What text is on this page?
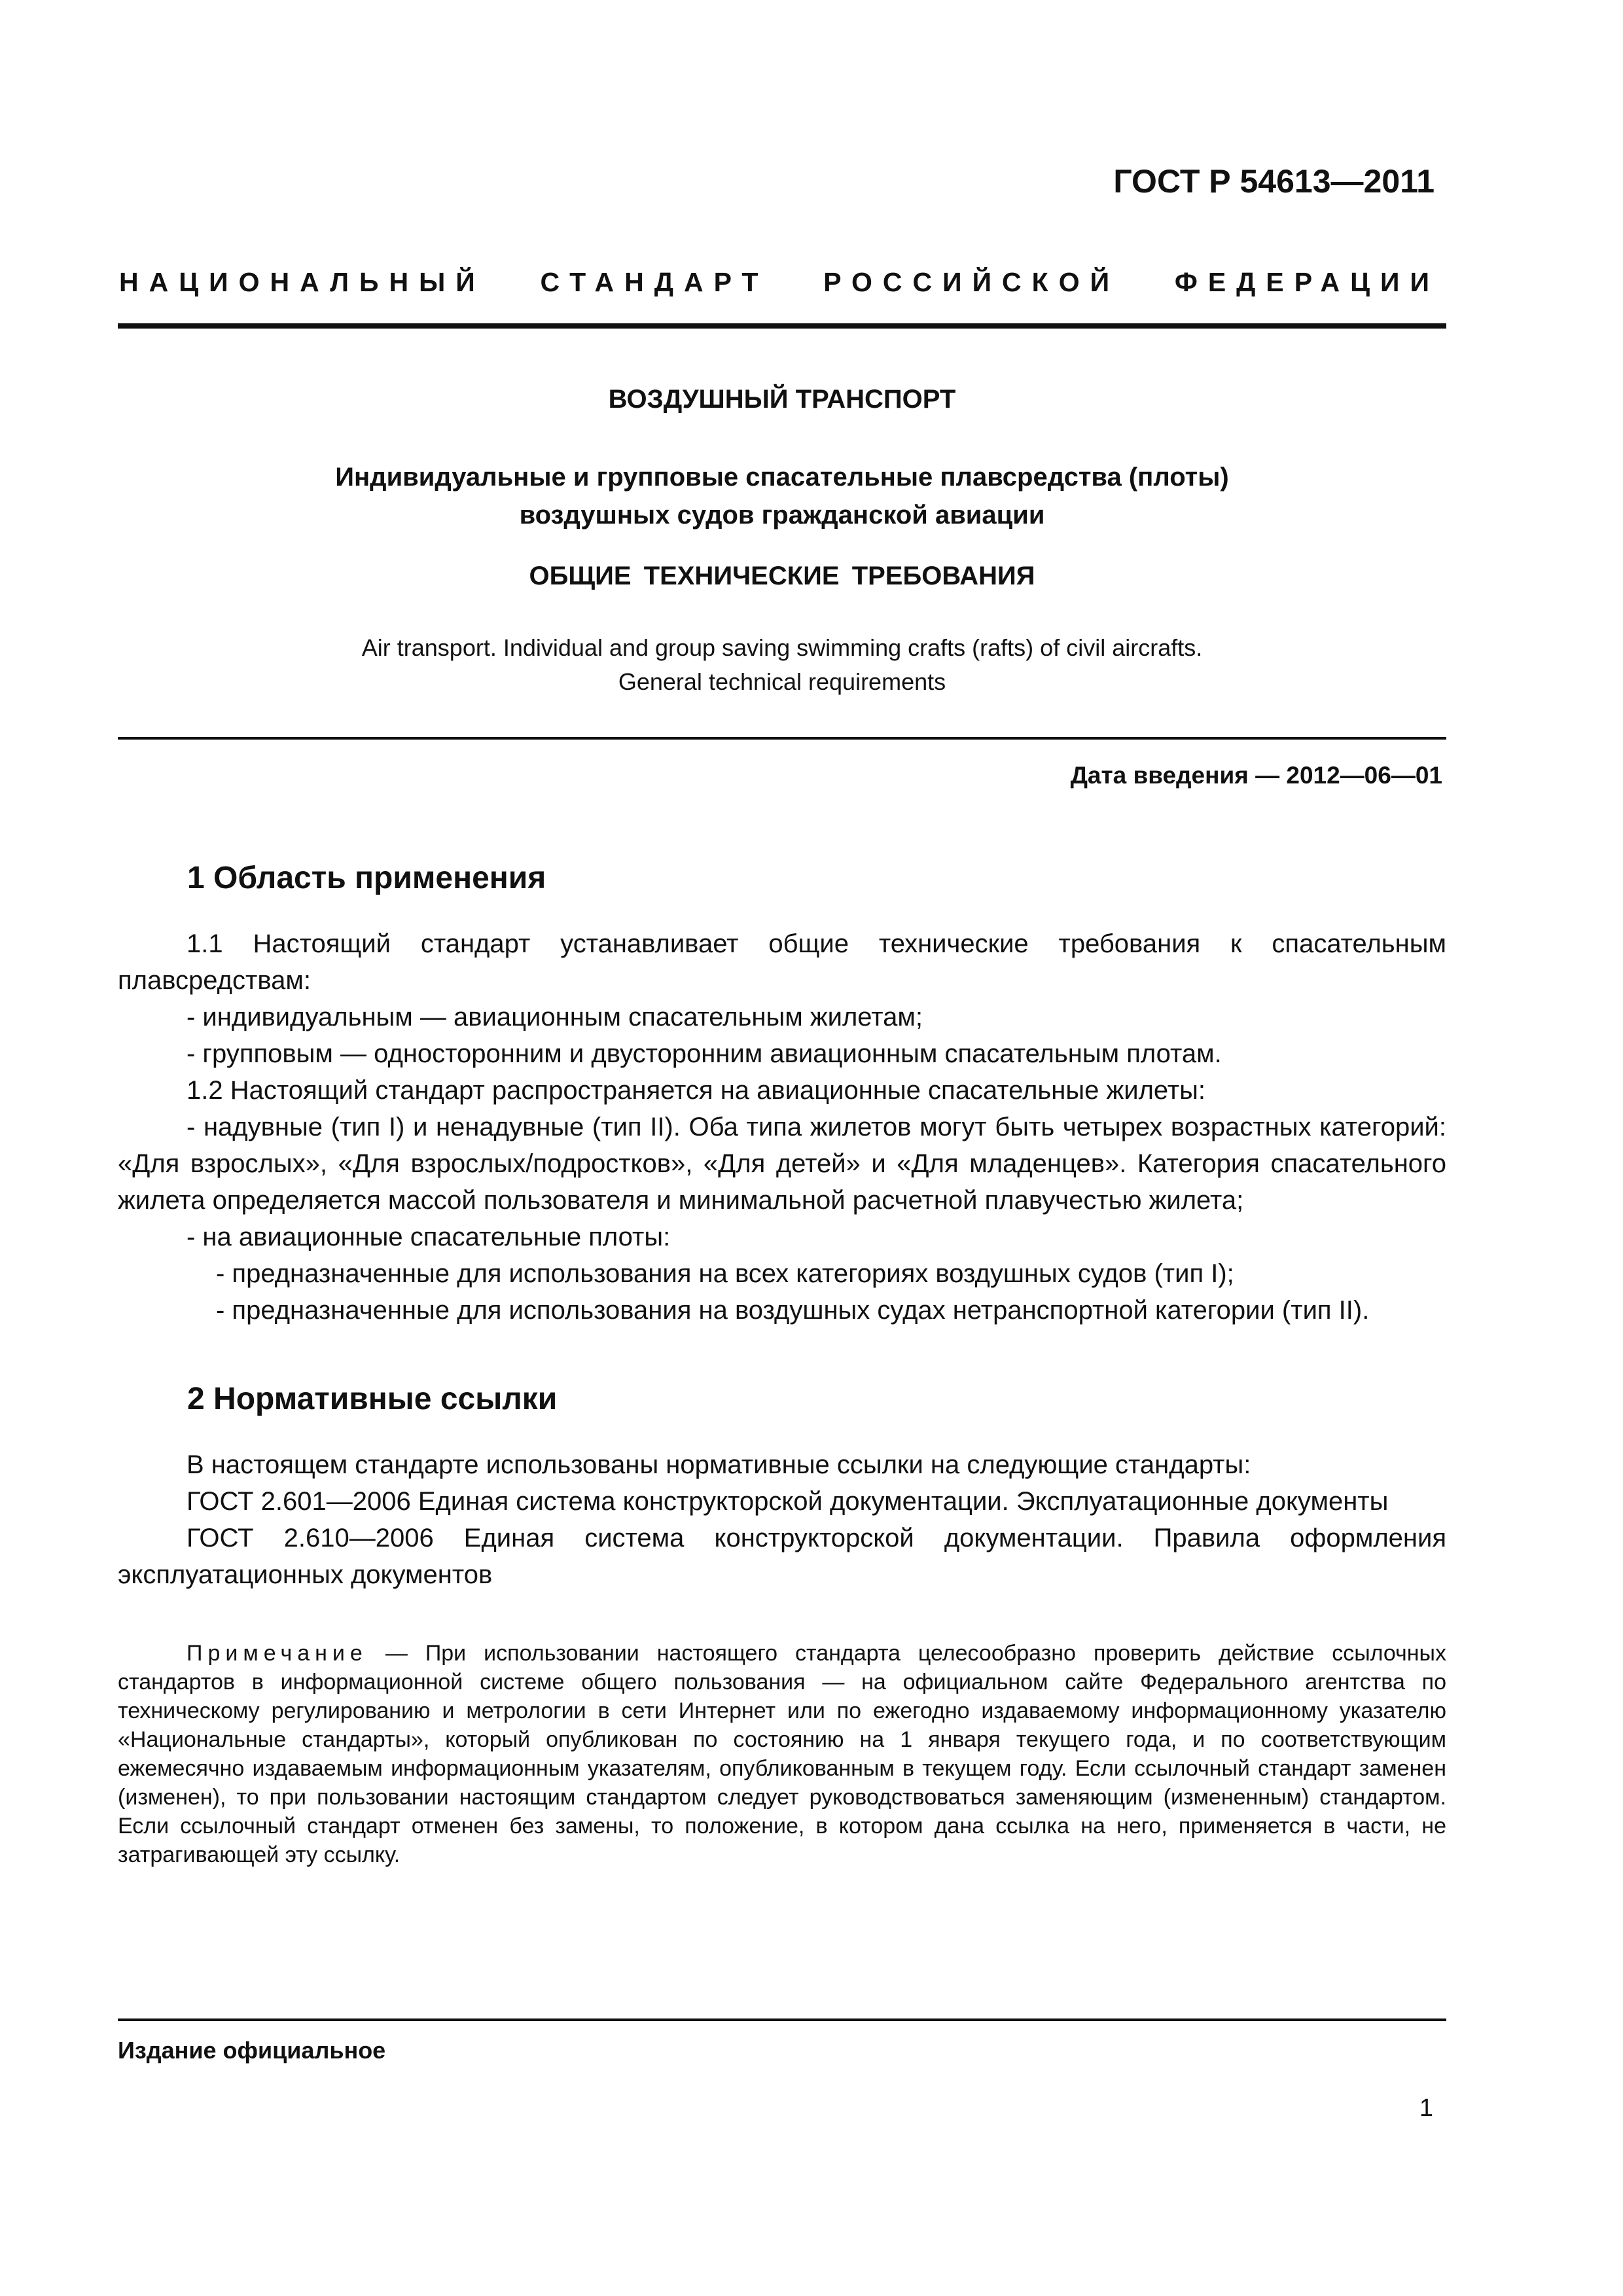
ГОСТ Р 54613—2011
НАЦИОНАЛЬНЫЙ СТАНДАРТ РОССИЙСКОЙ ФЕДЕРАЦИИ
ВОЗДУШНЫЙ ТРАНСПОРТ
Индивидуальные и групповые спасательные плавсредства (плоты)
воздушных судов гражданской авиации
ОБЩИЕ ТЕХНИЧЕСКИЕ ТРЕБОВАНИЯ
Air transport. Individual and group saving swimming crafts (rafts) of civil aircrafts.
General technical requirements
Дата введения — 2012—06—01
1 Область применения

1.1 Настоящий стандарт устанавливает общие технические требования к спасательным плавсредствам:

- индивидуальным — авиационным спасательным жилетам;

- групповым — односторонним и двусторонним авиационным спасательным плотам.

1.2 Настоящий стандарт распространяется на авиационные спасательные жилеты:

- надувные (тип I) и ненадувные (тип II). Оба типа жилетов могут быть четырех возрастных категорий: «Для взрослых», «Для взрослых/подростков», «Для детей» и «Для младенцев». Категория спасательного жилета определяется массой пользователя и минимальной расчетной плавучестью жилета;

- на авиационные спасательные плоты:

- предназначенные для использования на всех категориях воздушных судов (тип I);

- предназначенные для использования на воздушных судах нетранспортной категории (тип II).

2 Нормативные ссылки

В настоящем стандарте использованы нормативные ссылки на следующие стандарты:

ГОСТ 2.601—2006 Единая система конструкторской документации. Эксплуатационные документы

ГОСТ 2.610—2006 Единая система конструкторской документации. Правила оформления эксплуатационных документов

Примечание — При использовании настоящего стандарта целесообразно проверить действие ссылочных стандартов в информационной системе общего пользования — на официальном сайте Федерального агентства по техническому регулированию и метрологии в сети Интернет или по ежегодно издаваемому информационному указателю «Национальные стандарты», который опубликован по состоянию на 1 января текущего года, и по соответствующим ежемесячно издаваемым информационным указателям, опубликованным в текущем году. Если ссылочный стандарт заменен (изменен), то при пользовании настоящим стандартом следует руководствоваться заменяющим (измененным) стандартом. Если ссылочный стандарт отменен без замены, то положение, в котором дана ссылка на него, применяется в части, не затрагивающей эту ссылку.

Издание официальное
1
